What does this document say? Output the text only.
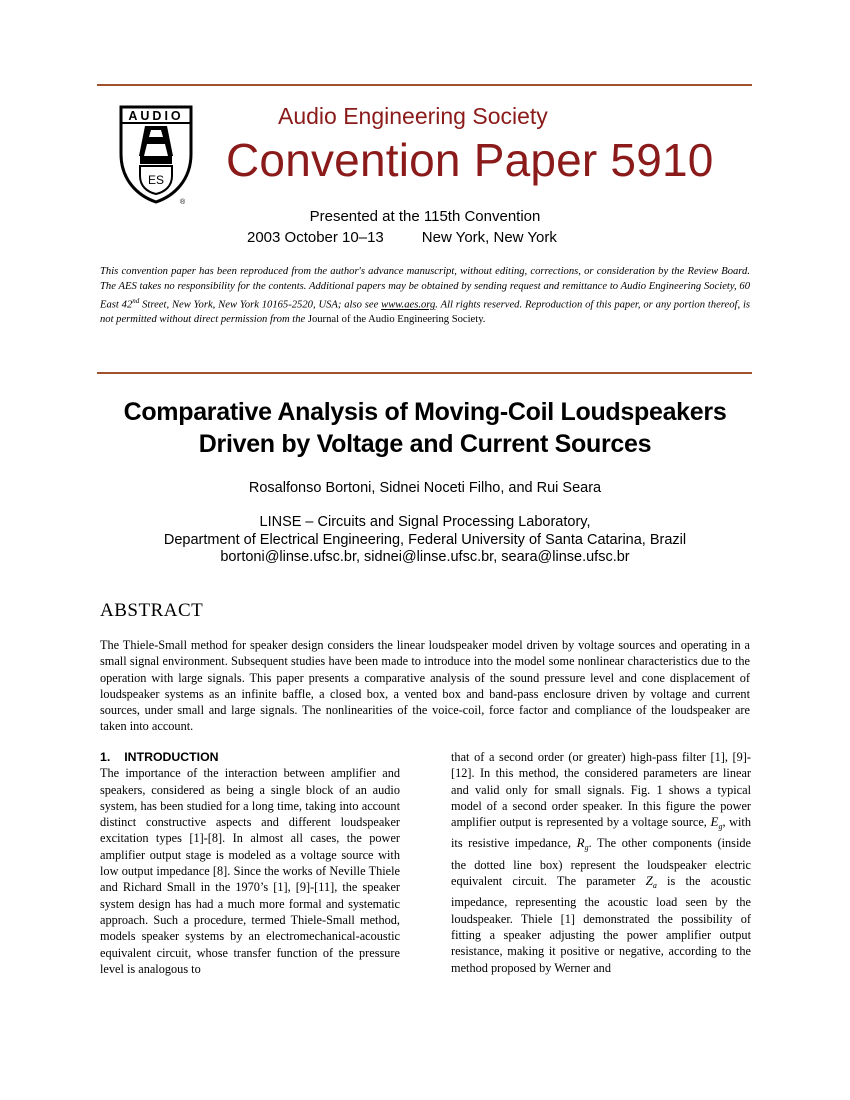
AUDIO
ES
®
Audio Engineering Society
Convention Paper 5910
Presented at the 115th Convention
2003 October 10–13	New York, New York
This convention paper has been reproduced from the author's advance manuscript, without editing, corrections, or consideration by the Review Board. The AES takes no responsibility for the contents. Additional papers may be obtained by sending request and remittance to Audio Engineering Society, 60 East 42nd Street, New York, New York 10165-2520, USA; also see www.aes.org. All rights reserved. Reproduction of this paper, or any portion thereof, is not permitted without direct permission from the Journal of the Audio Engineering Society.
Comparative Analysis of Moving-Coil Loudspeakers
Driven by Voltage and Current Sources
Rosalfonso Bortoni, Sidnei Noceti Filho, and Rui Seara
LINSE – Circuits and Signal Processing Laboratory,
Department of Electrical Engineering, Federal University of Santa Catarina, Brazil
bortoni@linse.ufsc.br, sidnei@linse.ufsc.br, seara@linse.ufsc.br
ABSTRACT
The Thiele-Small method for speaker design considers the linear loudspeaker model driven by voltage sources and operating in a small signal environment. Subsequent studies have been made to introduce into the model some nonlinear characteristics due to the operation with large signals. This paper presents a comparative analysis of the sound pressure level and cone displacement of loudspeaker systems as an infinite baffle, a closed box, a vented box and band-pass enclosure driven by voltage and current sources, under small and large signals. The nonlinearities of the voice-coil, force factor and compliance of the loudspeaker are taken into account.
1. INTRODUCTION

The importance of the interaction between amplifier and speakers, considered as being a single block of an audio system, has been studied for a long time, taking into account distinct constructive aspects and different loudspeaker excitation types [1]-[8]. In almost all cases, the power amplifier output stage is modeled as a voltage source with low output impedance [8]. Since the works of Neville Thiele and Richard Small in the 1970’s [1], [9]-[11], the speaker system design has had a much more formal and systematic approach. Such a procedure, termed Thiele-Small method, models speaker systems by an electromechanical-acoustic equivalent circuit, whose transfer function of the pressure level is analogous to

that of a second order (or greater) high-pass filter [1], [9]-[12]. In this method, the considered parameters are linear and valid only for small signals. Fig. 1 shows a typical model of a second order speaker. In this figure the power amplifier output is represented by a voltage source, $E_g$, with its resistive impedance, $R_g$. The other components (inside the dotted line box) represent the loudspeaker electric equivalent circuit. The parameter $Z_a$ is the acoustic impedance, representing the acoustic load seen by the loudspeaker. Thiele [1] demonstrated the possibility of fitting a speaker adjusting the power amplifier output resistance, making it positive or negative, according to the method proposed by Werner and
